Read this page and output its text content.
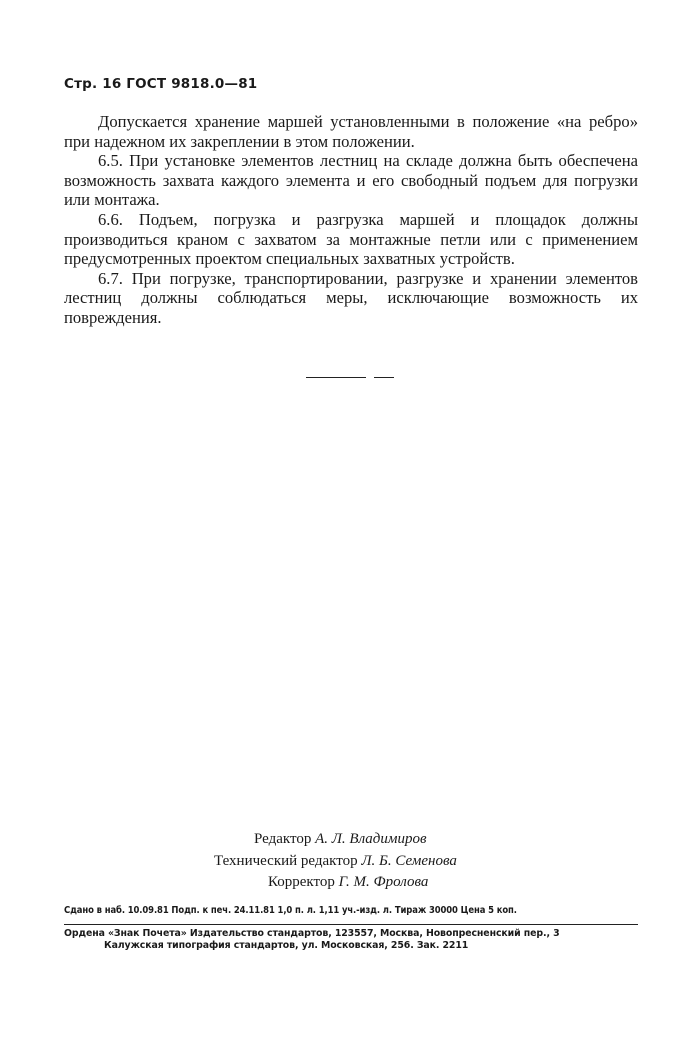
Стр. 16 ГОСТ 9818.0—81

Допускается хранение маршей установленными в положение «на ребро» при надежном их закреплении в этом положении.

6.5. При установке элементов лестниц на складе должна быть обеспечена возможность захвата каждого элемента и его свободный подъем для погрузки или монтажа.

6.6. Подъем, погрузка и разгрузка маршей и площадок должны производиться краном с захватом за монтажные петли или с применением предусмотренных проектом специальных захватных устройств.

6.7. При погрузке, транспортировании, разгрузке и хранении элементов лестниц должны соблюдаться меры, исключающие возможность их повреждения.

Редактор А. Л. Владимиров
Технический редактор Л. Б. Семенова
Корректор Г. М. Фролова
Сдано в наб. 10.09.81 Подп. к печ. 24.11.81 1,0 п. л. 1,11 уч.-изд. л. Тираж 30000 Цена 5 коп.
Ордена «Знак Почета» Издательство стандартов, 123557, Москва, Новопресненский пер., 3
Калужская типография стандартов, ул. Московская, 256. Зак. 2211
